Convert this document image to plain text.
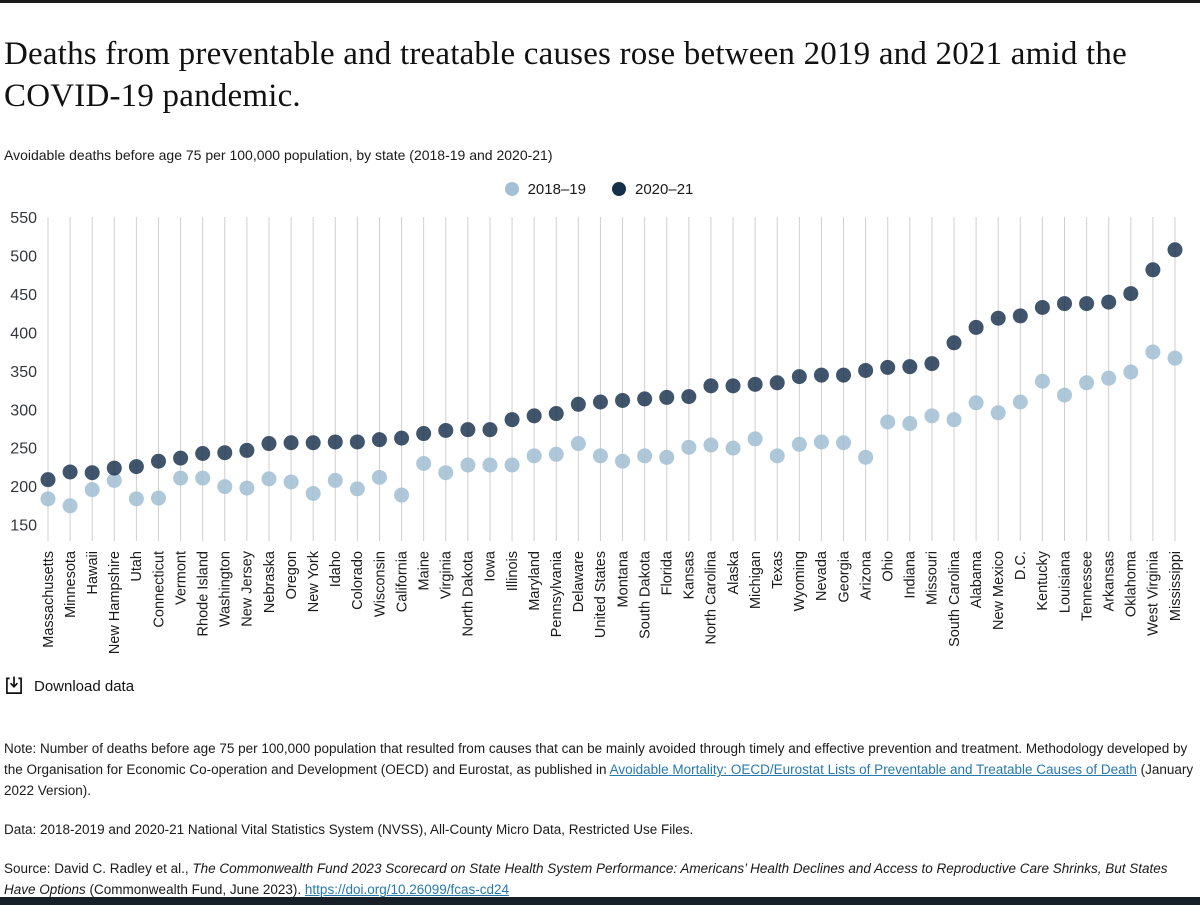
Deaths from preventable and treatable causes rose between 2019 and 2021 amid the COVID-19 pandemic.
Avoidable deaths before age 75 per 100,000 population, by state (2018-19 and 2020-21)
2018–19	2020–21
150
200
250
300
350
400
450
500
550
Massachusetts Minnesota Hawaii New Hampshire Utah Connecticut Vermont Rhode Island Washington New Jersey Nebraska Oregon New York Idaho Colorado Wisconsin California Maine Virginia North Dakota Iowa Illinois Maryland Pennsylvania Delaware United States Montana South Dakota Florida Kansas North Carolina Alaska Michigan Texas Wyoming Nevada Georgia Arizona Ohio Indiana Missouri South Carolina Alabama New Mexico D.C. Kentucky Louisiana Tennessee Arkansas Oklahoma West Virginia Mississippi
Download data

Note: Number of deaths before age 75 per 100,000 population that resulted from causes that can be mainly avoided through timely and effective prevention and treatment. Methodology developed by the Organisation for Economic Co-operation and Development (OECD) and Eurostat, as published in Avoidable Mortality: OECD/Eurostat Lists of Preventable and Treatable Causes of Death (January 2022 Version).

Data: 2018-2019 and 2020-21 National Vital Statistics System (NVSS), All-County Micro Data, Restricted Use Files.

Source: David C. Radley et al., The Commonwealth Fund 2023 Scorecard on State Health System Performance: Americans’ Health Declines and Access to Reproductive Care Shrinks, But States Have Options (Commonwealth Fund, June 2023). https://doi.org/10.26099/fcas-cd24
